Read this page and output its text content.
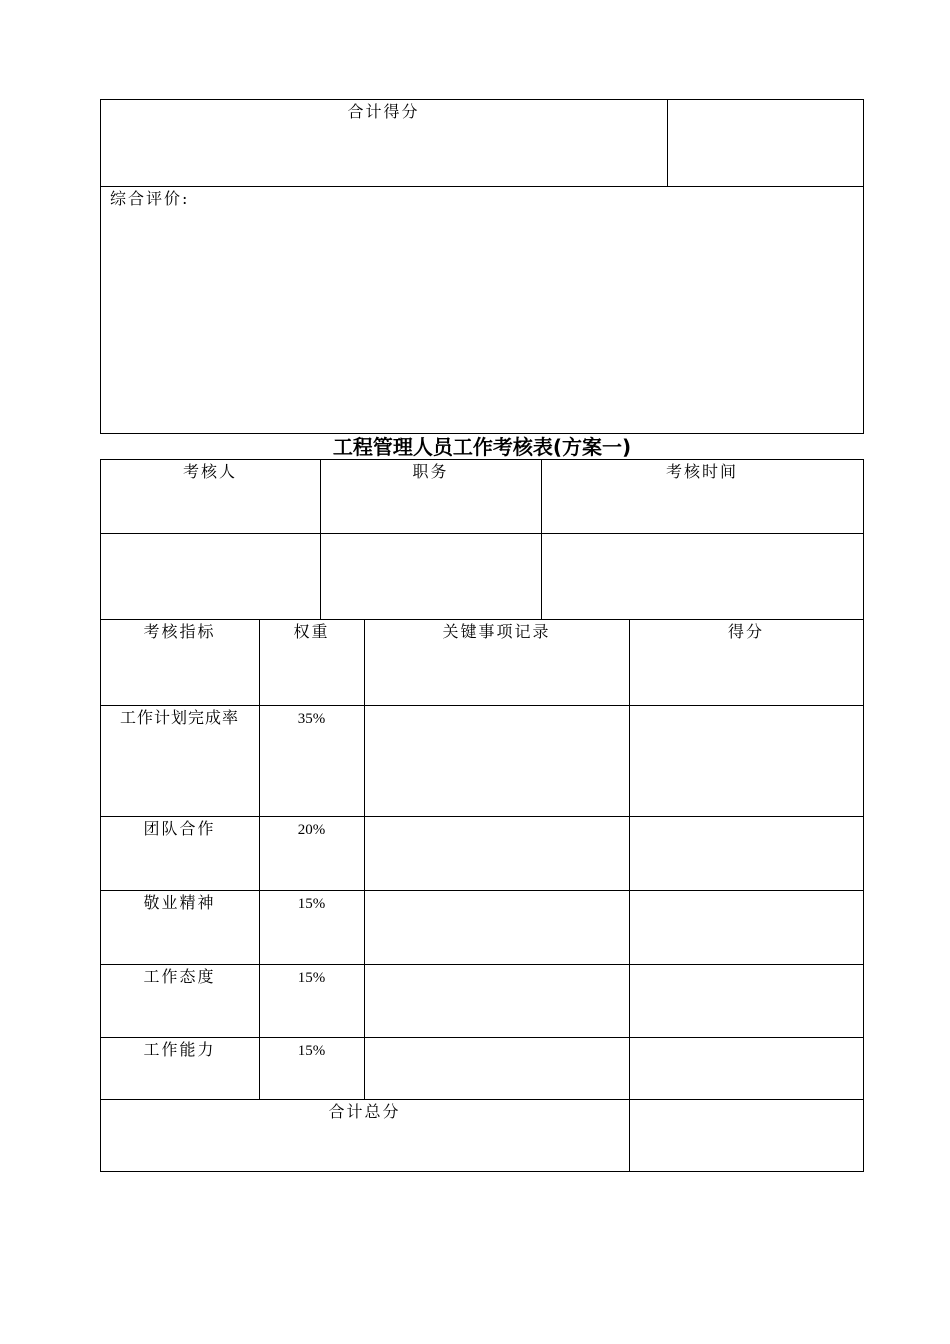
合计得分
综合评价:
工程管理人员工作考核表(方案一)
考核人	职务	考核时间
考核指标	权重	关键事项记录	得分
工作计划完成率	35%
团队合作	20%
敬业精神	15%
工作态度	15%
工作能力	15%
合计总分
